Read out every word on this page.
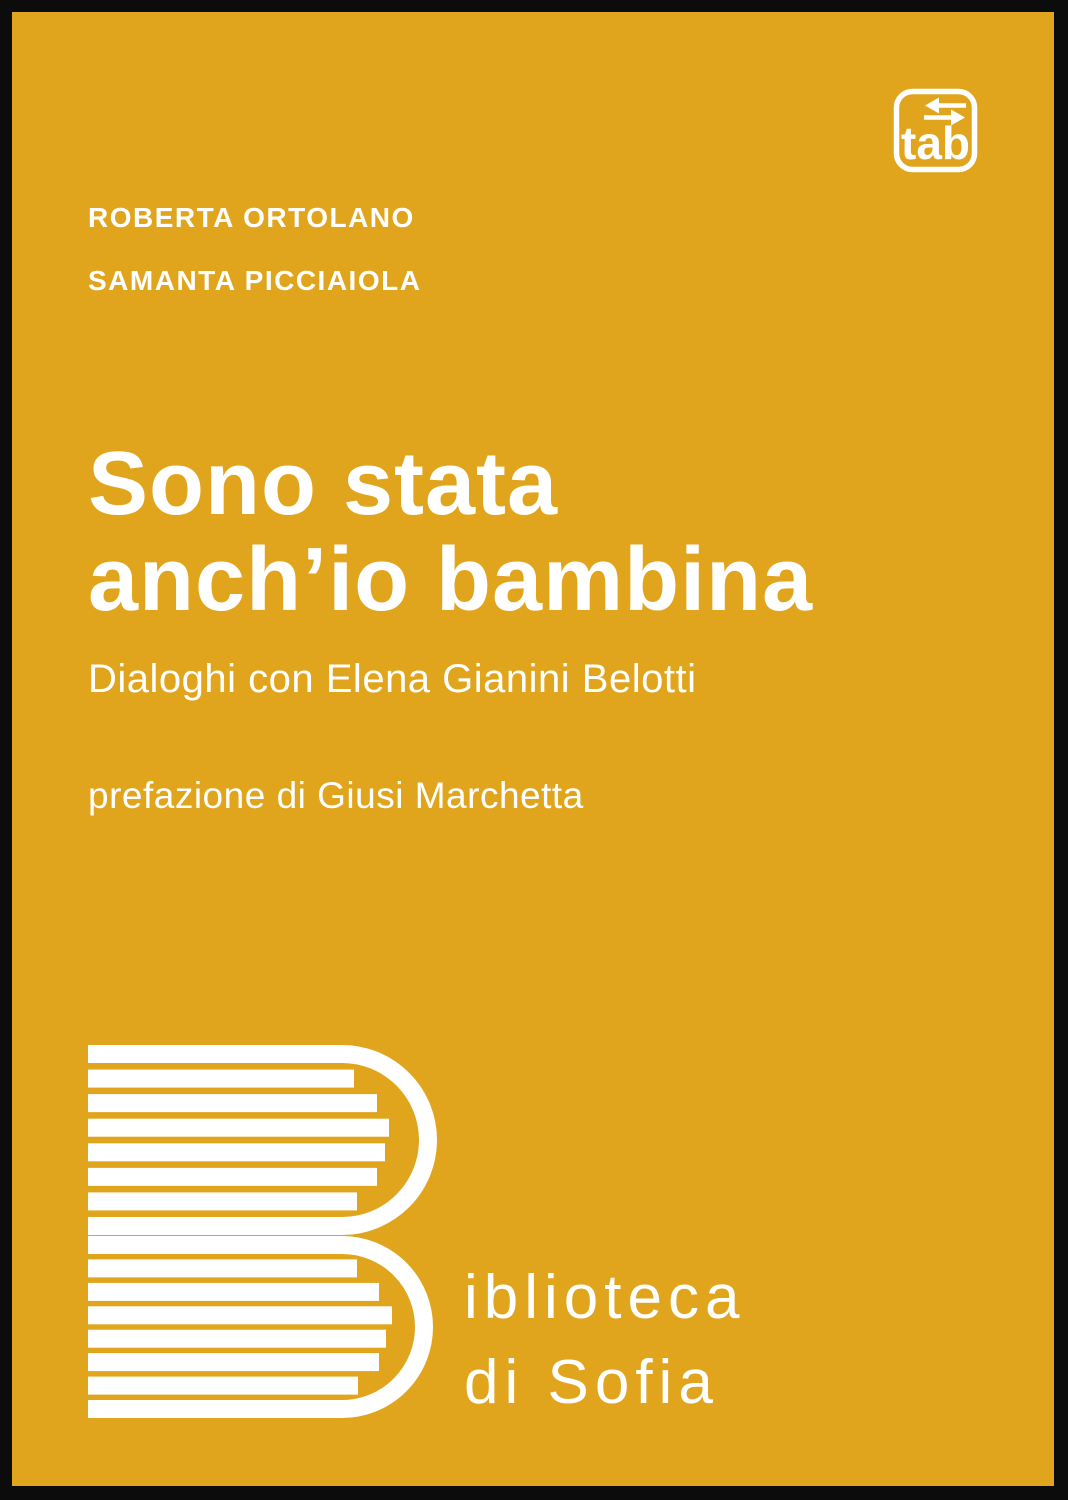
tab
ROBERTA ORTOLANO
SAMANTA PICCIAIOLA
Sono stata
anch’io bambina
Dialoghi con Elena Gianini Belotti
prefazione di Giusi Marchetta
iblioteca
di Sofia
